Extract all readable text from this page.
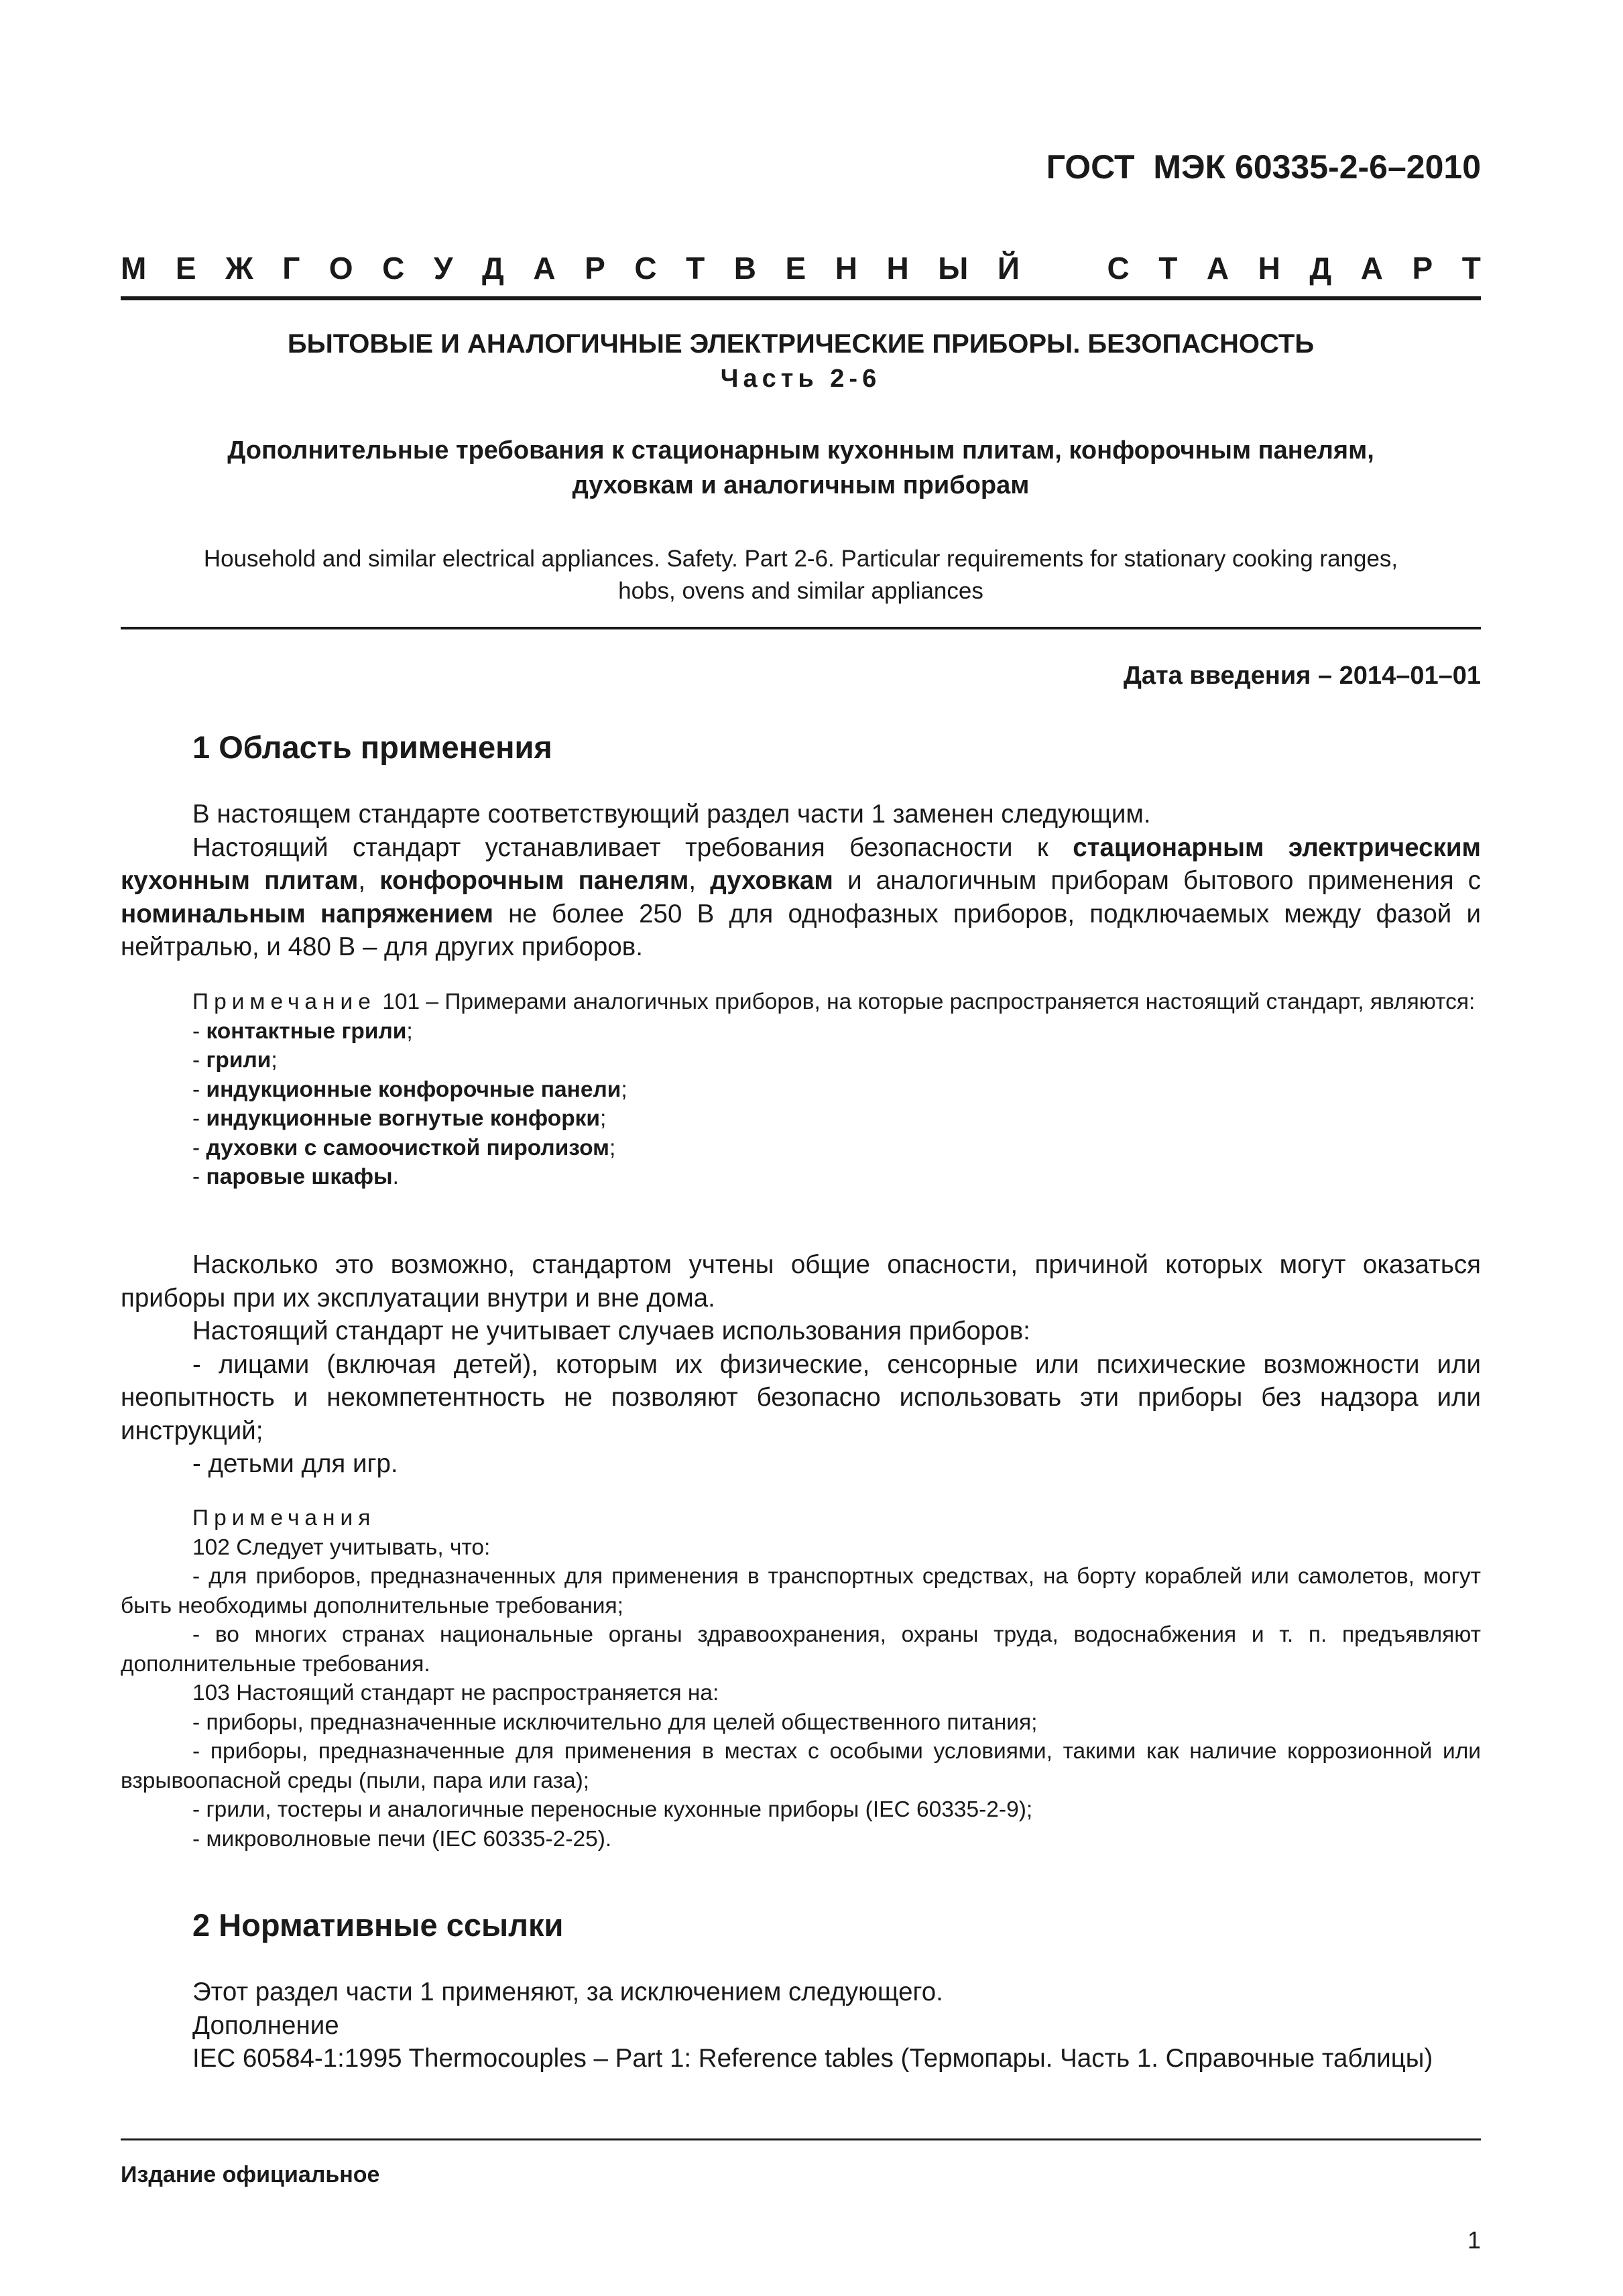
ГОСТ  МЭК 60335-2-6–2010
М Е Ж Г О С У Д А Р С Т В Е Н Н Ы Й	С Т А Н Д А Р Т
БЫТОВЫЕ И АНАЛОГИЧНЫЕ ЭЛЕКТРИЧЕСКИЕ ПРИБОРЫ. БЕЗОПАСНОСТЬ
Часть 2-6
Дополнительные требования к стационарным кухонным плитам, конфорочным панелям,
духовкам и аналогичным приборам
Household and similar electrical appliances. Safety. Part 2-6. Particular requirements for stationary cooking ranges,
hobs, ovens and similar appliances
Дата введения – 2014–01–01
1 Область применения

В настоящем стандарте соответствующий раздел части 1 заменен следующим.

Настоящий стандарт устанавливает требования безопасности к стационарным электрическим кухонным плитам, конфорочным панелям, духовкам и аналогичным приборам бытового применения с номинальным напряжением не более 250 В для однофазных приборов, подключаемых между фазой и нейтралью, и 480 В – для других приборов.

Примечание 101 – Примерами аналогичных приборов, на которые распространяется настоящий стандарт, являются:

- контактные грили;

- грили;

- индукционные конфорочные панели;

- индукционные вогнутые конфорки;

- духовки с самоочисткой пиролизом;

- паровые шкафы.

Насколько это возможно, стандартом учтены общие опасности, причиной которых могут оказаться приборы при их эксплуатации внутри и вне дома.

Настоящий стандарт не учитывает случаев использования приборов:

- лицами (включая детей), которым их физические, сенсорные или психические возможности или неопытность и некомпетентность не позволяют безопасно использовать эти приборы без надзора или инструкций;

- детьми для игр.

Примечания

102 Следует учитывать, что:

- для приборов, предназначенных для применения в транспортных средствах, на борту кораблей или самолетов, могут быть необходимы дополнительные требования;

- во многих странах национальные органы здравоохранения, охраны труда, водоснабжения и т. п. предъявляют дополнительные требования.

103 Настоящий стандарт не распространяется на:

- приборы, предназначенные исключительно для целей общественного питания;

- приборы, предназначенные для применения в местах с особыми условиями, такими как наличие коррозионной или взрывоопасной среды (пыли, пара или газа);

- грили, тостеры и аналогичные переносные кухонные приборы (IEC 60335-2-9);

- микроволновые печи (IEC 60335-2-25).

2 Нормативные ссылки

Этот раздел части 1 применяют, за исключением следующего.

Дополнение

IEC 60584-1:1995 Thermocouples – Part 1: Reference tables (Термопары. Часть 1. Справочные таблицы)

Издание официальное
1
